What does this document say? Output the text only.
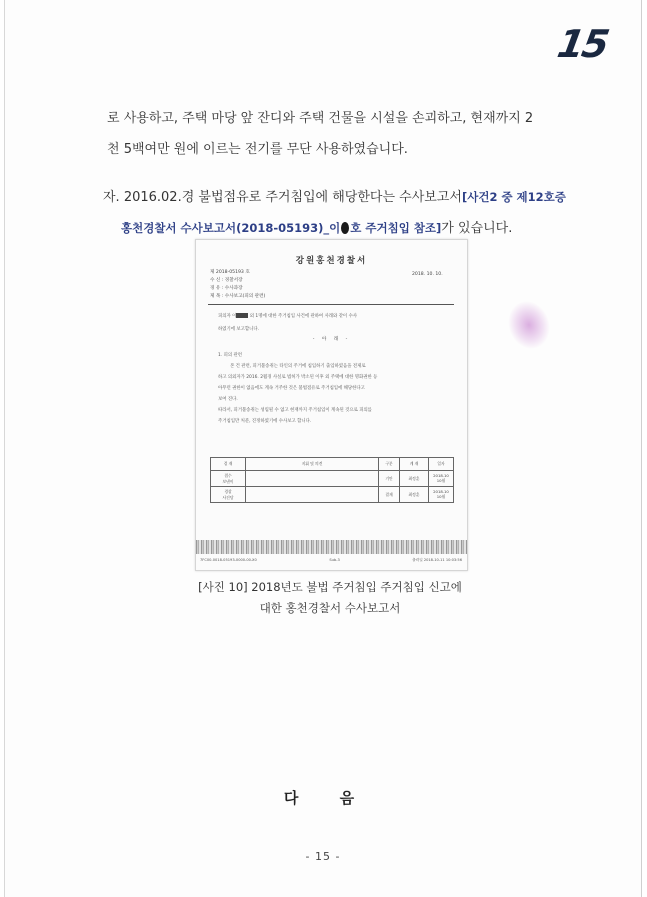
15
로 사용하고, 주택 마당 앞 잔디와 주택 건물을 시설을 손괴하고, 현재까지 2
천 5백여만 원에 이르는 전기를 무단 사용하였습니다.
자. 2016.02.경 불법점유로 주거침입에 해당한다는 수사보고서[사건2 중 제12호증
홍천경찰서 수사보고서(2018-05193)_이 호 주거침입 참조]가 있습니다.
강원홍천경찰서
제 2018-05193 호	2018. 10. 10.
수 신 : 경찰서장
경 유 : 수사과장
제 목 : 수사보고(피의 관련)
피의자 이	외 1명에 대한 주거침입 사건에 관하여 사래와 같이 수사
하였기에 보고합니다.
- 아 래 -
1. 피의 관련
본 건 관련, 피거불송취는 타인의 주거에 침입하기 출입하였음을 전제로
하고 의외자가 2016. 2월경 사실로 법허가 박소된 이후 외 주택에 대한 명화권한 등
아무런 권한이 없음에도 계속 거주한 것은 불법점유로 주거침입에 해당한다고
보여 진다.
따라서, 피거불송취는 성립될 수 없고 현재까지 주거침입이 계속된 것으로 피의를
주거침입만 처분, 진정하였기에 수사보고 합니다.
결 재	지휘 및 의견	구분	계 재	일자
접수
보낸이		기안	최정훈	2018.10
10월
경찰
사건담		결재	최정훈	2018.10
10월
7FC00-0018-05193-0000-00-X0	Sub-3	출력일 2018-10-11 10:03:56
[사진 10] 2018년도 불법 주거침입 주거침입 신고에
대한 홍천경찰서 수사보고서
다 음
- 15 -
